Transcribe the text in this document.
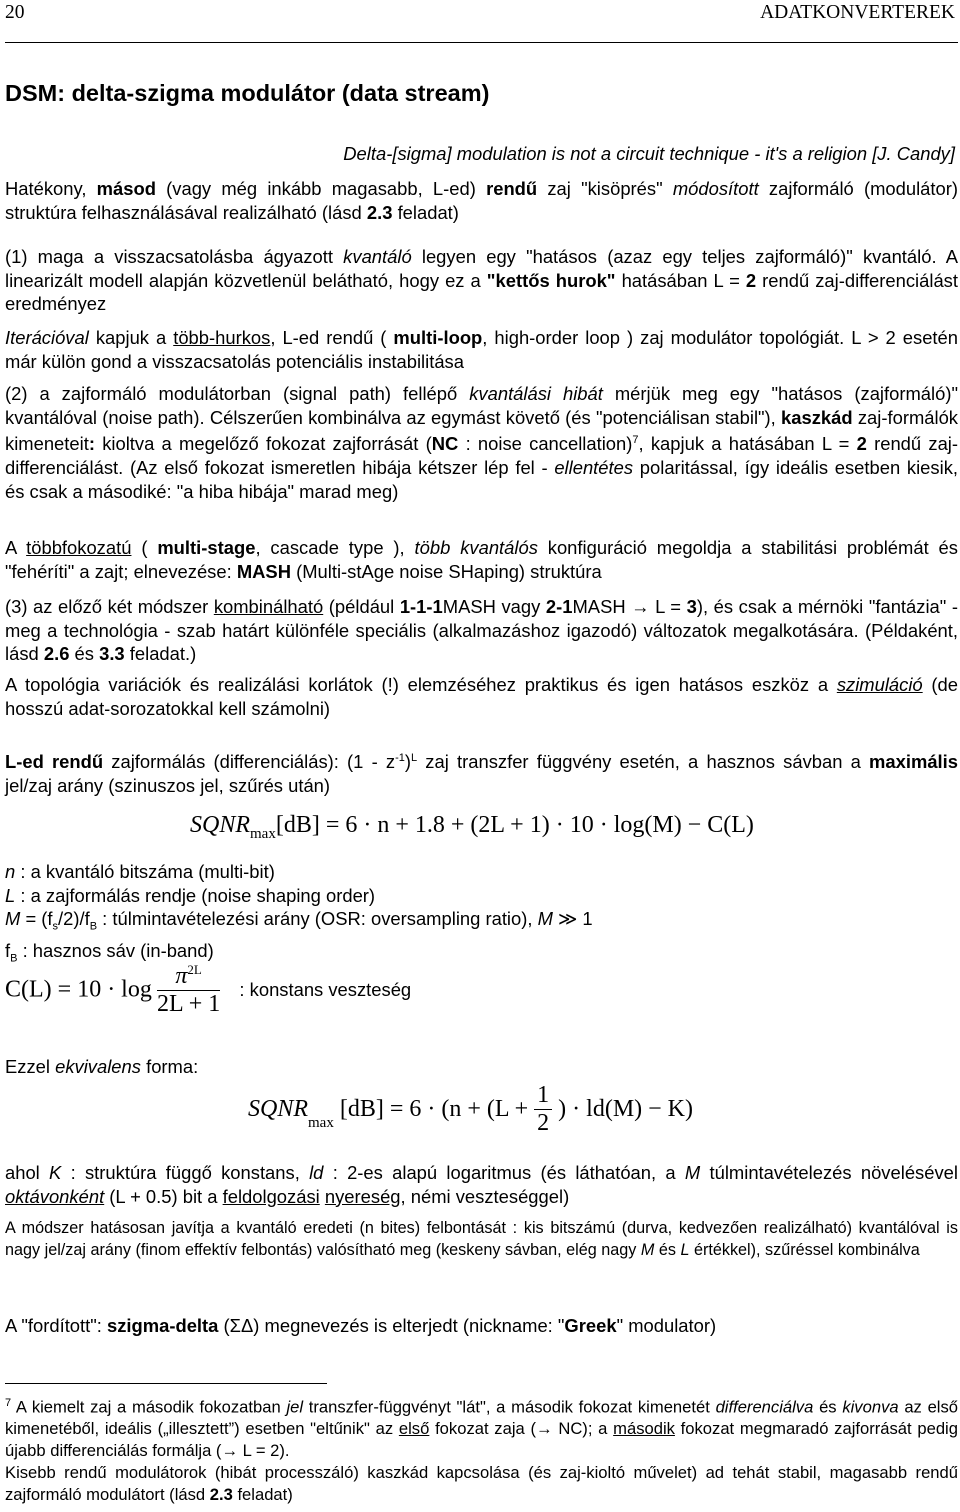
20	ADATKONVERTEREK
DSM: delta-szigma modulátor (data stream)
Delta-[sigma] modulation is not a circuit technique - it's a religion [J. Candy]
Hatékony, másod (vagy még inkább magasabb, L-ed) rendű zaj "kisöprés" módosított zajformáló (modulátor) struktúra felhasználásával realizálható (lásd 2.3 feladat)
(1) maga a visszacsatolásba ágyazott kvantáló legyen egy "hatásos (azaz egy teljes zajformáló)" kvantáló. A linearizált modell alapján közvetlenül belátható, hogy ez a "kettős hurok" hatásában L = 2 rendű zaj-differenciálást eredményez
Iterációval kapjuk a több-hurkos, L-ed rendű ( multi-loop, high-order loop ) zaj modulátor topológiát. L > 2 esetén már külön gond a visszacsatolás potenciális instabilitása
(2) a zajformáló modulátorban (signal path) fellépő kvantálási hibát mérjük meg egy "hatásos (zajformáló)" kvantálóval (noise path). Célszerűen kombinálva az egymást követő (és "potenciálisan stabil"), kaszkád zaj-formálók kimeneteit: kioltva a megelőző fokozat zajforrását (NC : noise cancellation)$^7$, kapjuk a hatásában L = 2 rendű zaj-differenciálást. (Az első fokozat ismeretlen hibája kétszer lép fel - ellentétes polaritással, így ideális esetben kiesik, és csak a másodiké: "a hiba hibája" marad meg)
A többfokozatú ( multi-stage, cascade type ), több kvantálós konfiguráció megoldja a stabilitási problémát és "fehéríti" a zajt; elnevezése: MASH (Multi-stAge noise SHaping) struktúra
(3) az előző két módszer kombinálható (például 1-1-1MASH vagy 2-1MASH → L = 3), és csak a mérnöki "fantázia" - meg a technológia - szab határt különféle speciális (alkalmazáshoz igazodó) változatok megalkotására. (Példaként, lásd 2.6 és 3.3 feladat.)
A topológia variációk és realizálási korlátok (!) elemzéséhez praktikus és igen hatásos eszköz a szimuláció (de hosszú adat-sorozatokkal kell számolni)
L-ed rendű zajformálás (differenciálás): $(1 - z^{-1})^L$ zaj transzfer függvény esetén, a hasznos sávban a maximális jel/zaj arány (szinuszos jel, szűrés után)
$SQNR_{max}[dB] = 6 \cdot n + 1.8 + (2L + 1) \cdot 10 \cdot \log(M) - C(L)$
n : a kvantáló bitszáma (multi-bit)
L : a zajformálás rendje (noise shaping order)
$M = (f_s/2)/f_B$ : túlmintavételezési arány (OSR: oversampling ratio), M ≫ 1
$f_B$ : hasznos sáv (in-band)
$C(L) = 10 \cdot \log \frac{\pi^{2L}}{2L + 1}$ : konstans veszteség
Ezzel ekvivalens forma:
$SQNR_{max}$ $[dB] = 6 \cdot (n + (L + \frac{1}{2}$ ) · ld(M) − K)
ahol K : struktúra függő konstans, ld : 2-es alapú logaritmus (és láthatóan, a M túlmintavételezés növelésével oktávonként (L + 0.5) bit a feldolgozási nyereség, némi veszteséggel)
A módszer hatásosan javítja a kvantáló eredeti (n bites) felbontását : kis bitszámú (durva, kedvezően realizálható) kvantálóval is nagy jel/zaj arány (finom effektív felbontás) valósítható meg (keskeny sávban, elég nagy M és L értékkel), szűréssel kombinálva
A "fordított": szigma-delta (ΣΔ) megnevezés is elterjedt (nickname: "Greek" modulator)
$^7$ A kiemelt zaj a második fokozatban jel transzfer-függvényt "lát", a második fokozat kimenetét differenciálva és kivonva az első kimenetéből, ideális („illesztett”) esetben "eltűnik" az első fokozat zaja (→ NC); a második fokozat megmaradó zajforrását pedig újabb differenciálás formálja (→ L = 2).
Kisebb rendű modulátorok (hibát processzáló) kaszkád kapcsolása (és zaj-kioltó művelet) ad tehát stabil, magasabb rendű zajformáló modulátort (lásd 2.3 feladat)
